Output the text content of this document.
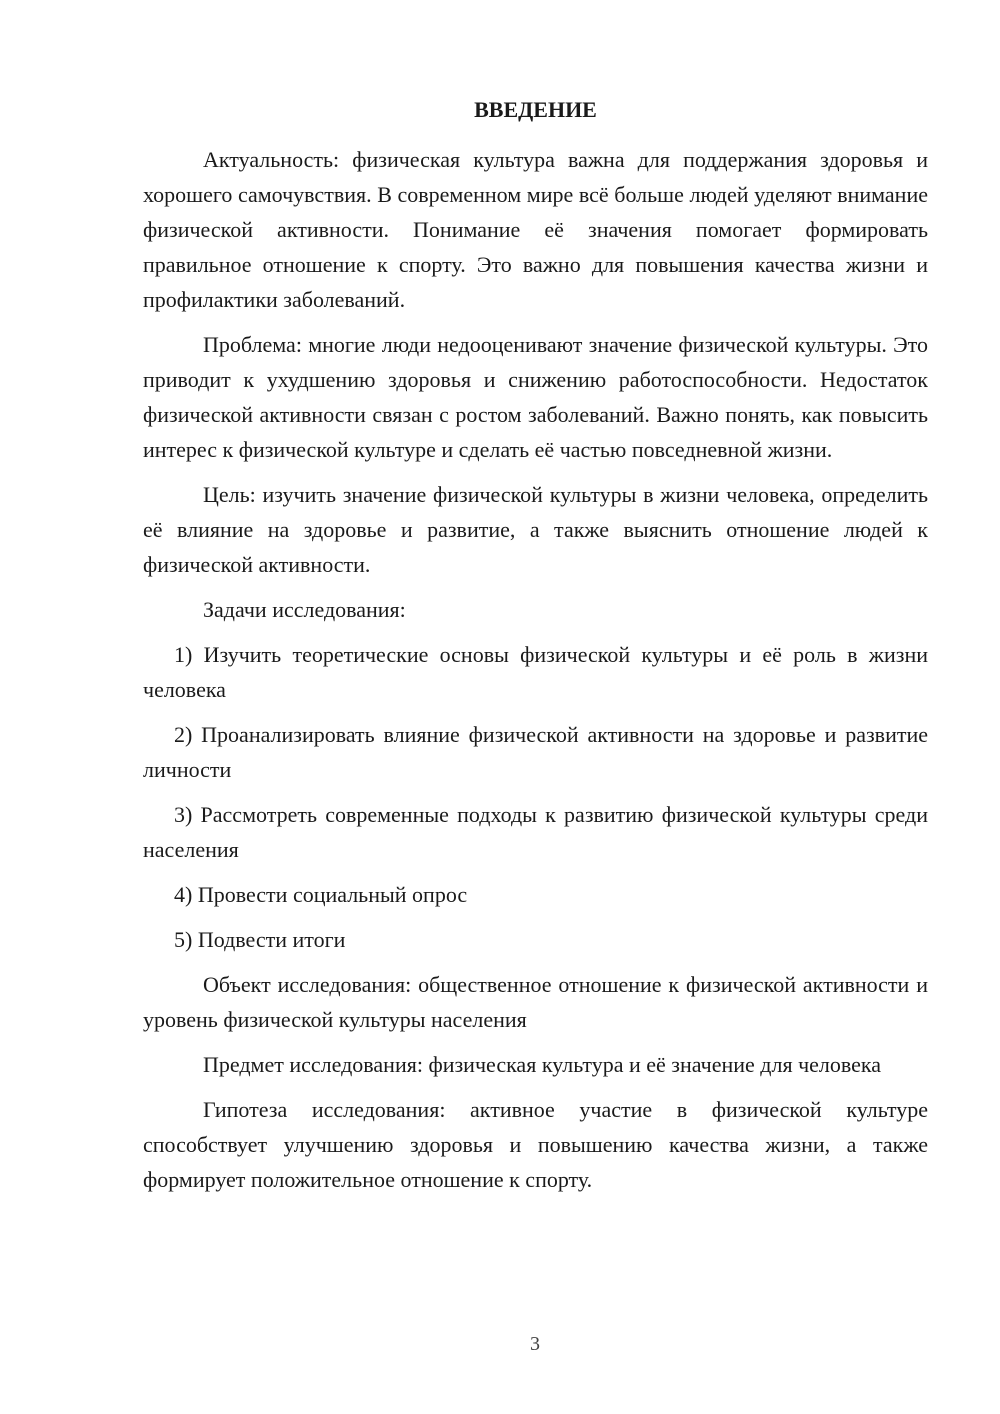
ВВЕДЕНИЕ

Актуальность: физическая культура важна для поддержания здоровья и хорошего самочувствия. В современном мире всё больше людей уделяют внимание физической активности. Понимание её значения помогает формировать правильное отношение к спорту. Это важно для повышения качества жизни и профилактики заболеваний.

Проблема: многие люди недооценивают значение физической культуры. Это приводит к ухудшению здоровья и снижению работоспособности. Недостаток физической активности связан с ростом заболеваний. Важно понять, как повысить интерес к физической культуре и сделать её частью повседневной жизни.

Цель: изучить значение физической культуры в жизни человека, определить её влияние на здоровье и развитие, а также выяснить отношение людей к физической активности.

Задачи исследования:

1) Изучить теоретические основы физической культуры и её роль в жизни человека

2) Проанализировать влияние физической активности на здоровье и развитие личности

3) Рассмотреть современные подходы к развитию физической культуры среди населения

4) Провести социальный опрос

5) Подвести итоги

Объект исследования: общественное отношение к физической активности и уровень физической культуры населения

Предмет исследования: физическая культура и её значение для человека

Гипотеза исследования: активное участие в физической культуре способствует улучшению здоровья и повышению качества жизни, а также формирует положительное отношение к спорту.

3
